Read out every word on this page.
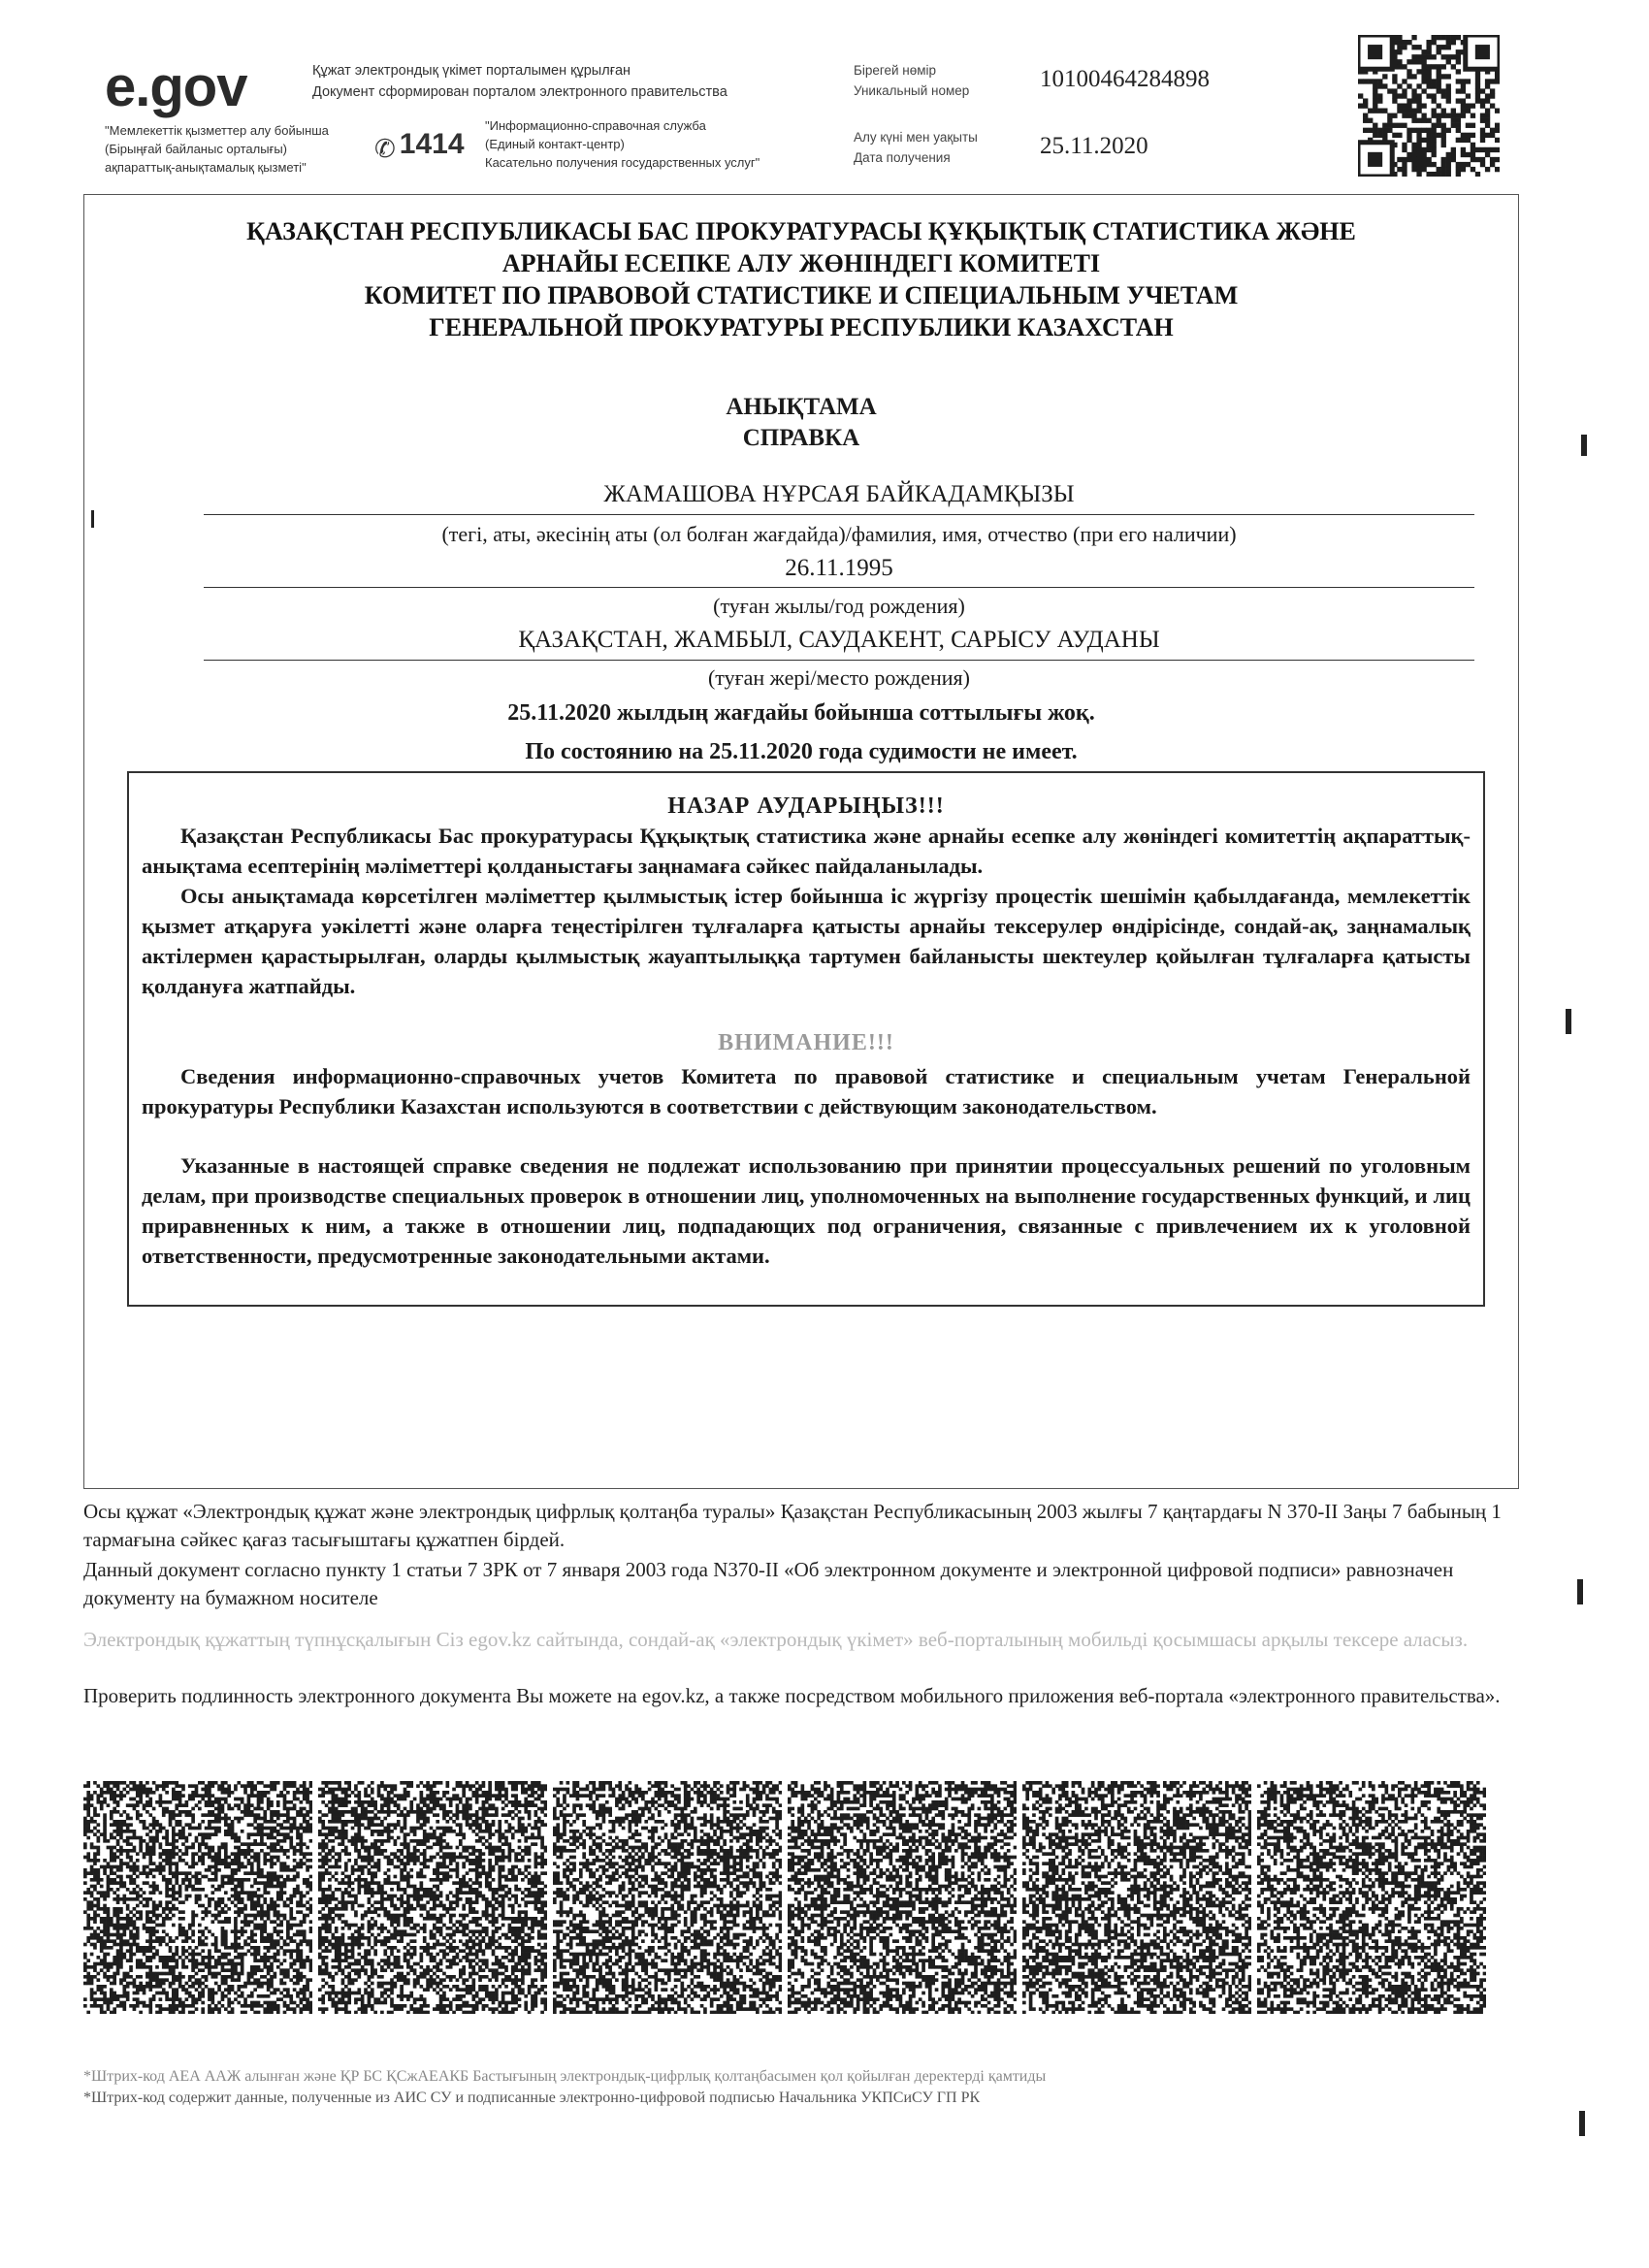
e.gov	Құжат электрондық үкімет порталымен құрылған
Документ сформирован порталом электронного правительства
"Мемлекеттік қызметтер алу бойынша
(Бірыңғай байланыс орталығы)
ақпараттық-анықтамалық қызметі"
✆ 1414
"Информационно-справочная служба
(Единый контакт-центр)
Касательно получения государственных услуг"
Бірегей нөмір
Уникальный номер	10100464284898
Алу күні мен уақыты
Дата получения	25.11.2020
ҚАЗАҚСТАН РЕСПУБЛИКАСЫ БАС ПРОКУРАТУРАСЫ ҚҰҚЫҚТЫҚ СТАТИСТИКА ЖӘНЕ
АРНАЙЫ ЕСЕПКЕ АЛУ ЖӨНІНДЕГІ КОМИТЕТІ
КОМИТЕТ ПО ПРАВОВОЙ СТАТИСТИКЕ И СПЕЦИАЛЬНЫМ УЧЕТАМ
ГЕНЕРАЛЬНОЙ ПРОКУРАТУРЫ РЕСПУБЛИКИ КАЗАХСТАН
АНЫҚТАМА
СПРАВКА
ЖАМАШОВА НҰРСАЯ БАЙКАДАМҚЫЗЫ
(тегі, аты, әкесінің аты (ол болған жағдайда)/фамилия, имя, отчество (при его наличии)
26.11.1995
(туған жылы/год рождения)
ҚАЗАҚСТАН, ЖАМБЫЛ, САУДАКЕНТ, САРЫСУ АУДАНЫ
(туған жері/место рождения)
25.11.2020 жылдың жағдайы бойынша соттылығы жоқ.
По состоянию на 25.11.2020 года судимости не имеет.
НАЗАР АУДАРЫҢЫЗ!!!
Қазақстан Республикасы Бас прокуратурасы Құқықтық статистика және арнайы есепке алу жөніндегі комитеттің ақпараттық-анықтама есептерінің мәліметтері қолданыстағы заңнамаға сәйкес пайдаланылады.
Осы анықтамада көрсетілген мәліметтер қылмыстық істер бойынша іс жүргізу процестік шешімін қабылдағанда, мемлекеттік қызмет атқаруға уәкілетті және оларға теңестірілген тұлғаларға қатысты арнайы тексерулер өндірісінде, сондай-ақ, заңнамалық актілермен қарастырылған, оларды қылмыстық жауаптылыққа тартумен байланысты шектеулер қойылған тұлғаларға қатысты қолдануға жатпайды.
ВНИМАНИЕ!!!
Сведения информационно-справочных учетов Комитета по правовой статистике и специальным учетам Генеральной прокуратуры Республики Казахстан используются в соответствии с действующим законодательством.
Указанные в настоящей справке сведения не подлежат использованию при принятии процессуальных решений по уголовным делам, при производстве специальных проверок в отношении лиц, уполномоченных на выполнение государственных функций, и лиц приравненных к ним, а также в отношении лиц, подпадающих под ограничения, связанные с привлечением их к уголовной ответственности, предусмотренные законодательными актами.
Осы құжат «Электрондық құжат және электрондық цифрлық қолтаңба туралы» Қазақстан Республикасының 2003 жылғы 7 қаңтардағы N 370-II Заңы 7 бабының 1 тармағына сәйкес қағаз тасығыштағы құжатпен бірдей.
Данный документ согласно пункту 1 статьи 7 ЗРК от 7 января 2003 года N370-II «Об электронном документе и электронной цифровой подписи» равнозначен документу на бумажном носителе
Электрондық құжаттың түпнұсқалығын Сіз egov.kz сайтында, сондай-ақ «электрондық үкімет» веб-порталының мобильді қосымшасы арқылы тексере аласыз.
Проверить подлинность электронного документа Вы можете на egov.kz, а также посредством мобильного приложения веб-портала «электронного правительства».
*Штрих-код АЕА ААЖ алынған және ҚР БС ҚСжАЕАКБ Бастығының электрондық-цифрлық қолтаңбасымен қол қойылған деректерді қамтиды
*Штрих-код содержит данные, полученные из АИС СУ и подписанные электронно-цифровой подписью Начальника УКПСиСУ ГП РК
